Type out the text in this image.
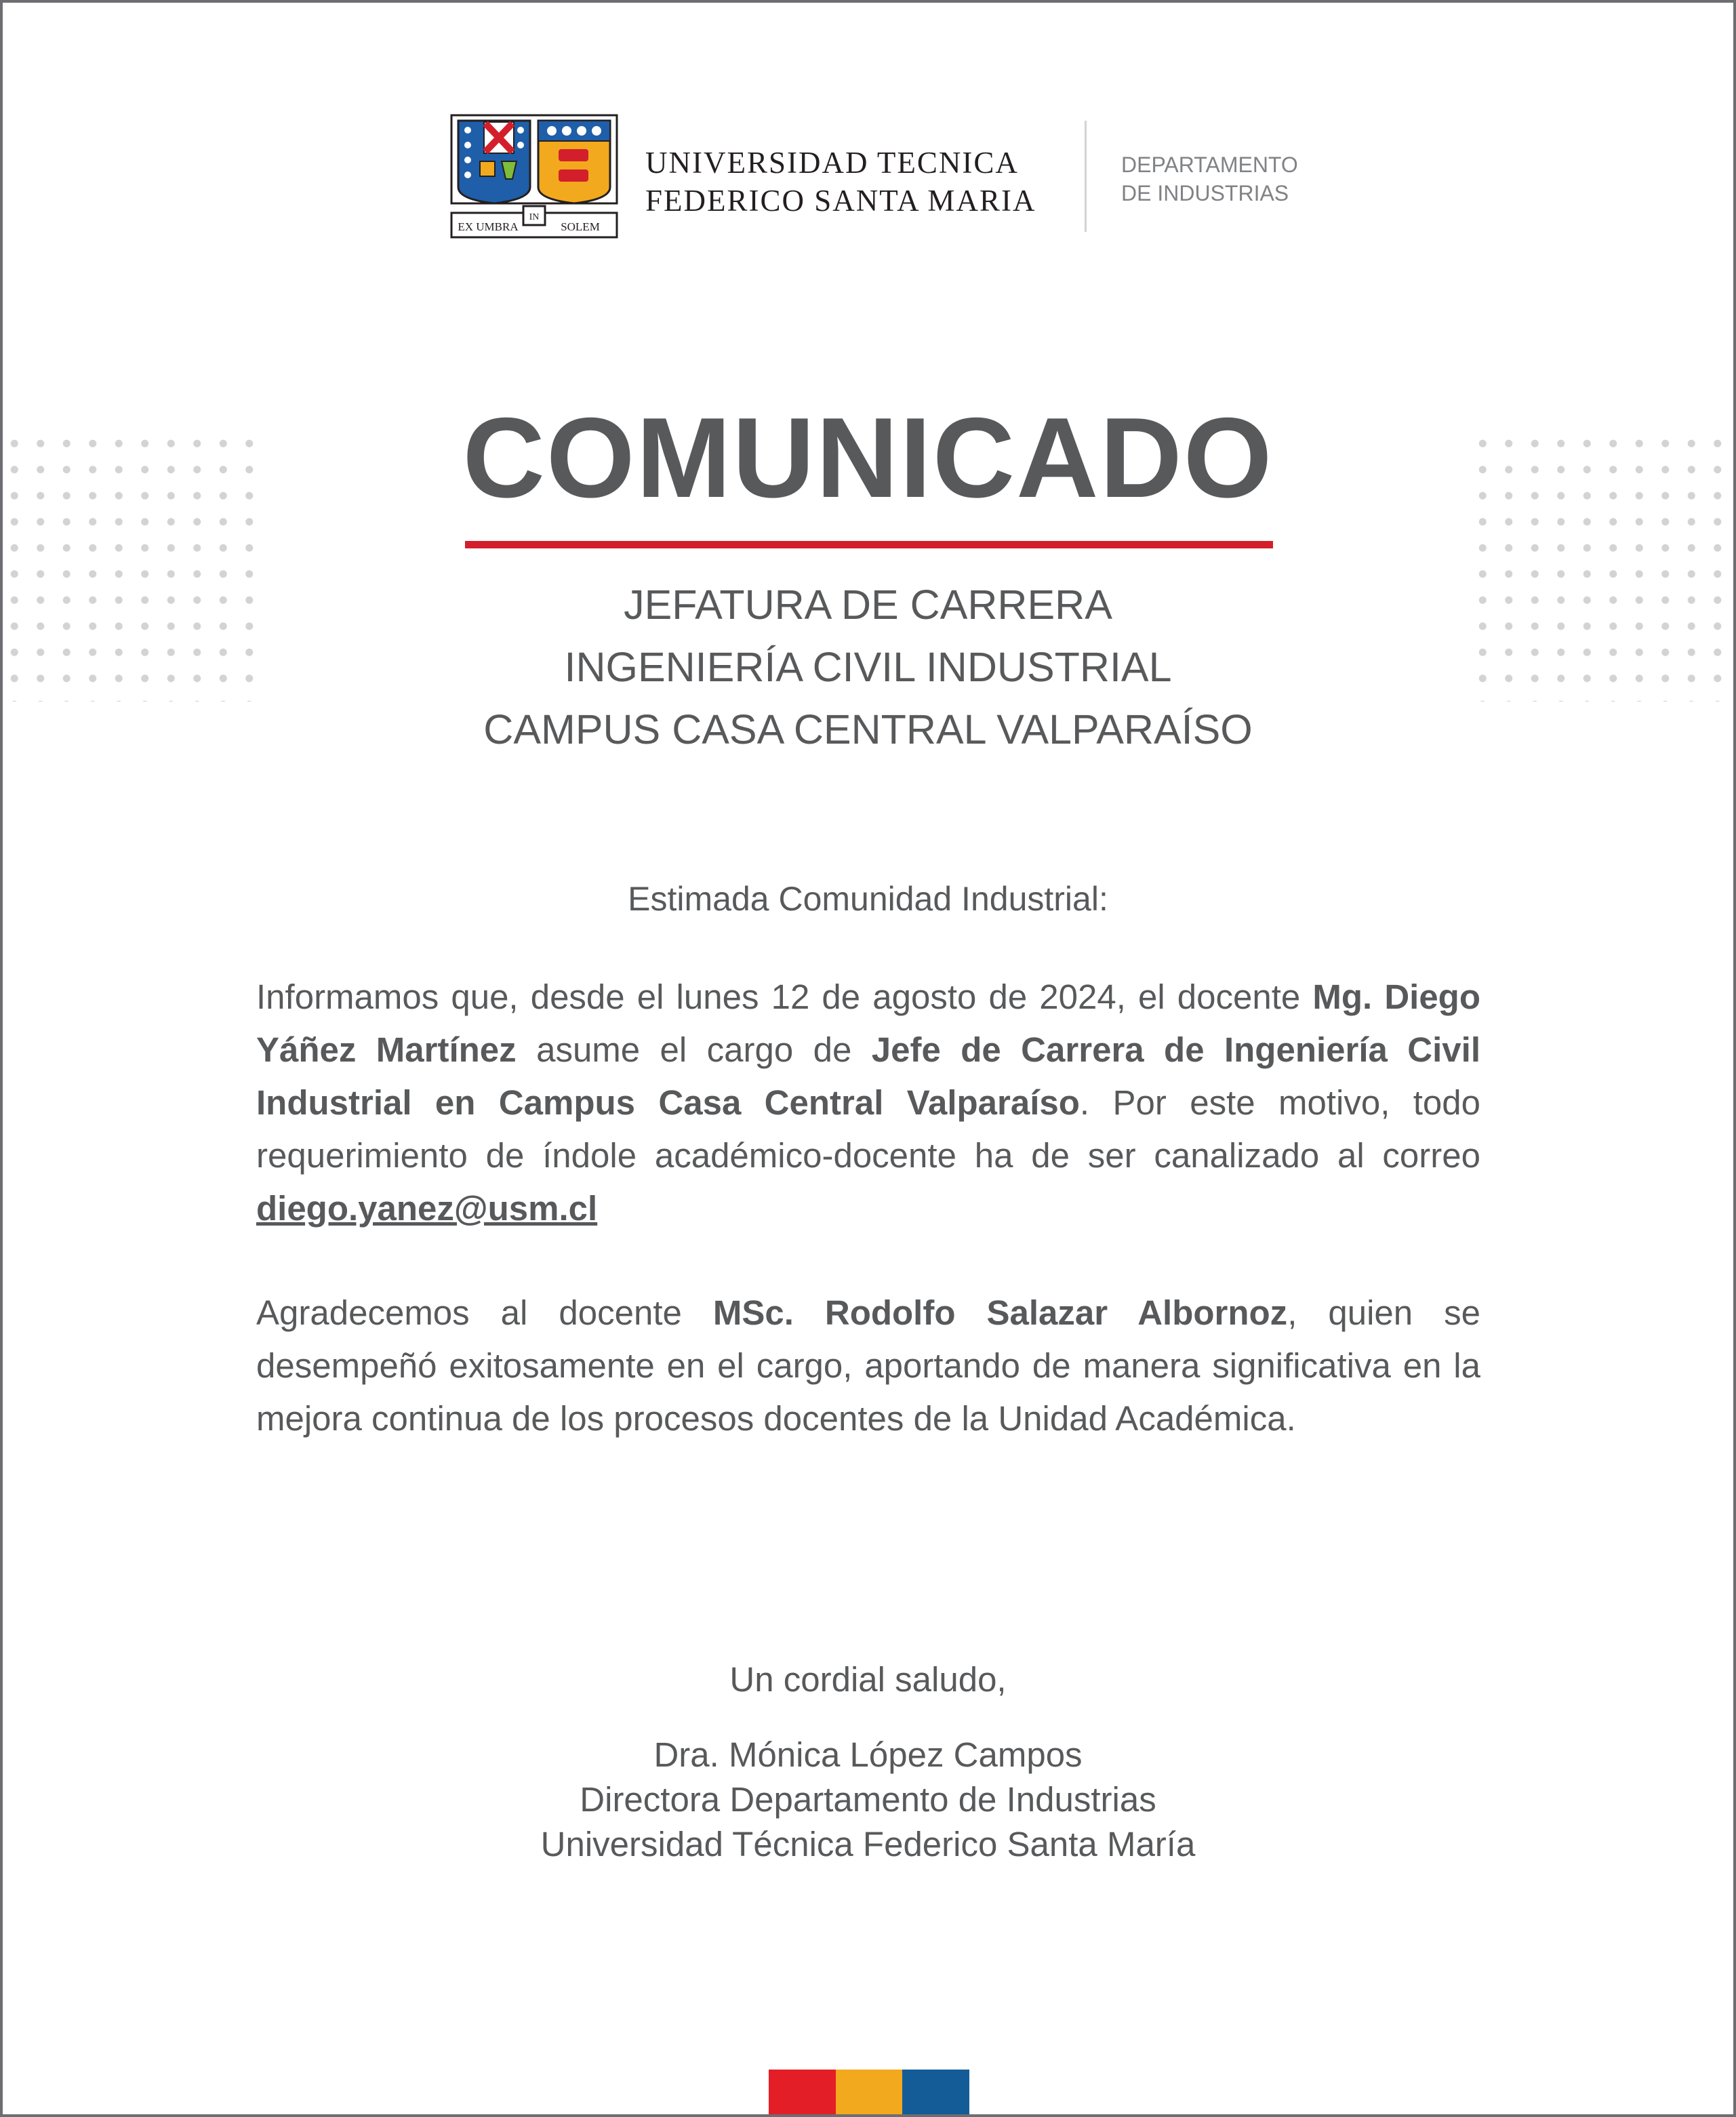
EX UMBRA
IN
SOLEM
UNIVERSIDAD TECNICA
FEDERICO SANTA MARIA
DEPARTAMENTO
DE INDUSTRIAS
COMUNICADO
JEFATURA DE CARRERA
INGENIERÍA CIVIL INDUSTRIAL
CAMPUS CASA CENTRAL VALPARAÍSO
Estimada Comunidad Industrial:
Informamos que, desde el lunes 12 de agosto de 2024, el docente Mg. Diego Yáñez Martínez asume el cargo de Jefe de Carrera de Ingeniería Civil Industrial en Campus Casa Central Valparaíso. Por este motivo, todo requerimiento de índole académico-docente ha de ser canalizado al correo diego.yanez@usm.cl
Agradecemos al docente MSc. Rodolfo Salazar Albornoz, quien se desempeñó exitosamente en el cargo, aportando de manera significativa en la mejora continua de los procesos docentes de la Unidad Académica.
Un cordial saludo,
Dra. Mónica López Campos
Directora Departamento de Industrias
Universidad Técnica Federico Santa María
